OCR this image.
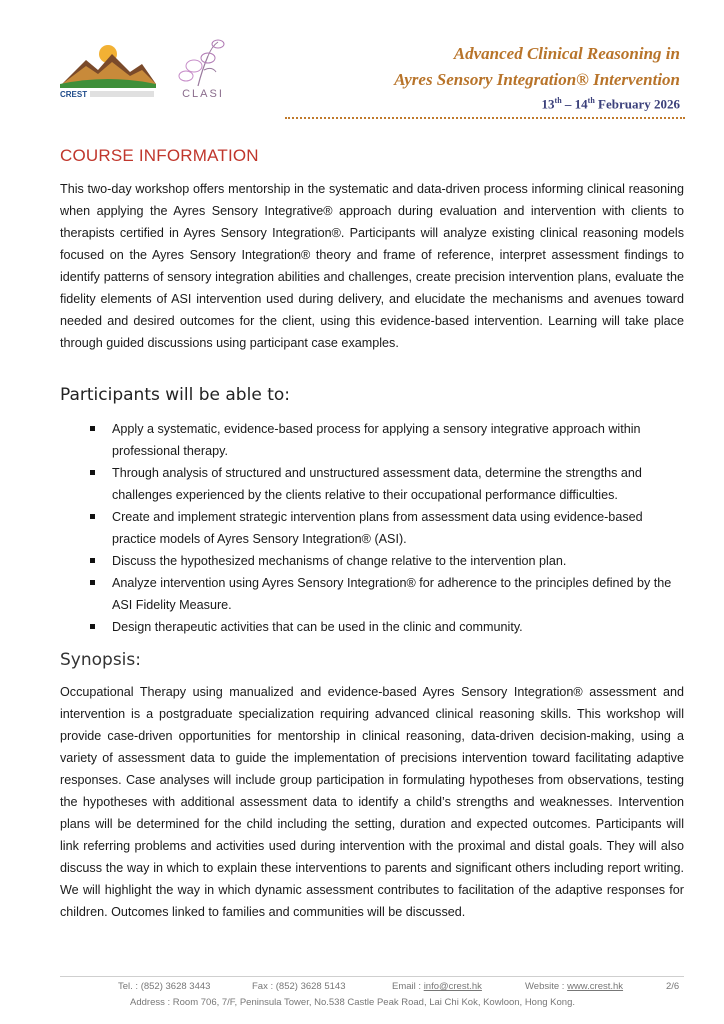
CREST	CLASI
Advanced Clinical Reasoning in
Ayres Sensory Integration® Intervention
13th – 14th February 2026
COURSE INFORMATION
This two-day workshop offers mentorship in the systematic and data-driven process informing clinical reasoning when applying the Ayres Sensory Integrative® approach during evaluation and intervention with clients to therapists certified in Ayres Sensory Integration®. Participants will analyze existing clinical reasoning models focused on the Ayres Sensory Integration® theory and frame of reference, interpret assessment findings to identify patterns of sensory integration abilities and challenges, create precision intervention plans, evaluate the fidelity elements of ASI intervention used during delivery, and elucidate the mechanisms and avenues toward needed and desired outcomes for the client, using this evidence-based intervention. Learning will take place through guided discussions using participant case examples.
Participants will be able to:
Apply a systematic, evidence-based process for applying a sensory integrative approach within professional therapy.
Through analysis of structured and unstructured assessment data, determine the strengths and challenges experienced by the clients relative to their occupational performance difficulties.
Create and implement strategic intervention plans from assessment data using evidence-based practice models of Ayres Sensory Integration® (ASI).
Discuss the hypothesized mechanisms of change relative to the intervention plan.
Analyze intervention using Ayres Sensory Integration® for adherence to the principles defined by the ASI Fidelity Measure.
Design therapeutic activities that can be used in the clinic and community.
Synopsis:
Occupational Therapy using manualized and evidence-based Ayres Sensory Integration® assessment and intervention is a postgraduate specialization requiring advanced clinical reasoning skills. This workshop will provide case-driven opportunities for mentorship in clinical reasoning, data-driven decision-making, using a variety of assessment data to guide the implementation of precisions intervention toward facilitating adaptive responses. Case analyses will include group participation in formulating hypotheses from observations, testing the hypotheses with additional assessment data to identify a child’s strengths and weaknesses. Intervention plans will be determined for the child including the setting, duration and expected outcomes. Participants will link referring problems and activities used during intervention with the proximal and distal goals. They will also discuss the way in which to explain these interventions to parents and significant others including report writing. We will highlight the way in which dynamic assessment contributes to facilitation of the adaptive responses for children. Outcomes linked to families and communities will be discussed.
Tel. : (852) 3628 3443	Fax : (852) 3628 5143	Email : info@crest.hk	Website : www.crest.hk	2/6
Address : Room 706, 7/F, Peninsula Tower, No.538 Castle Peak Road, Lai Chi Kok, Kowloon, Hong Kong.
